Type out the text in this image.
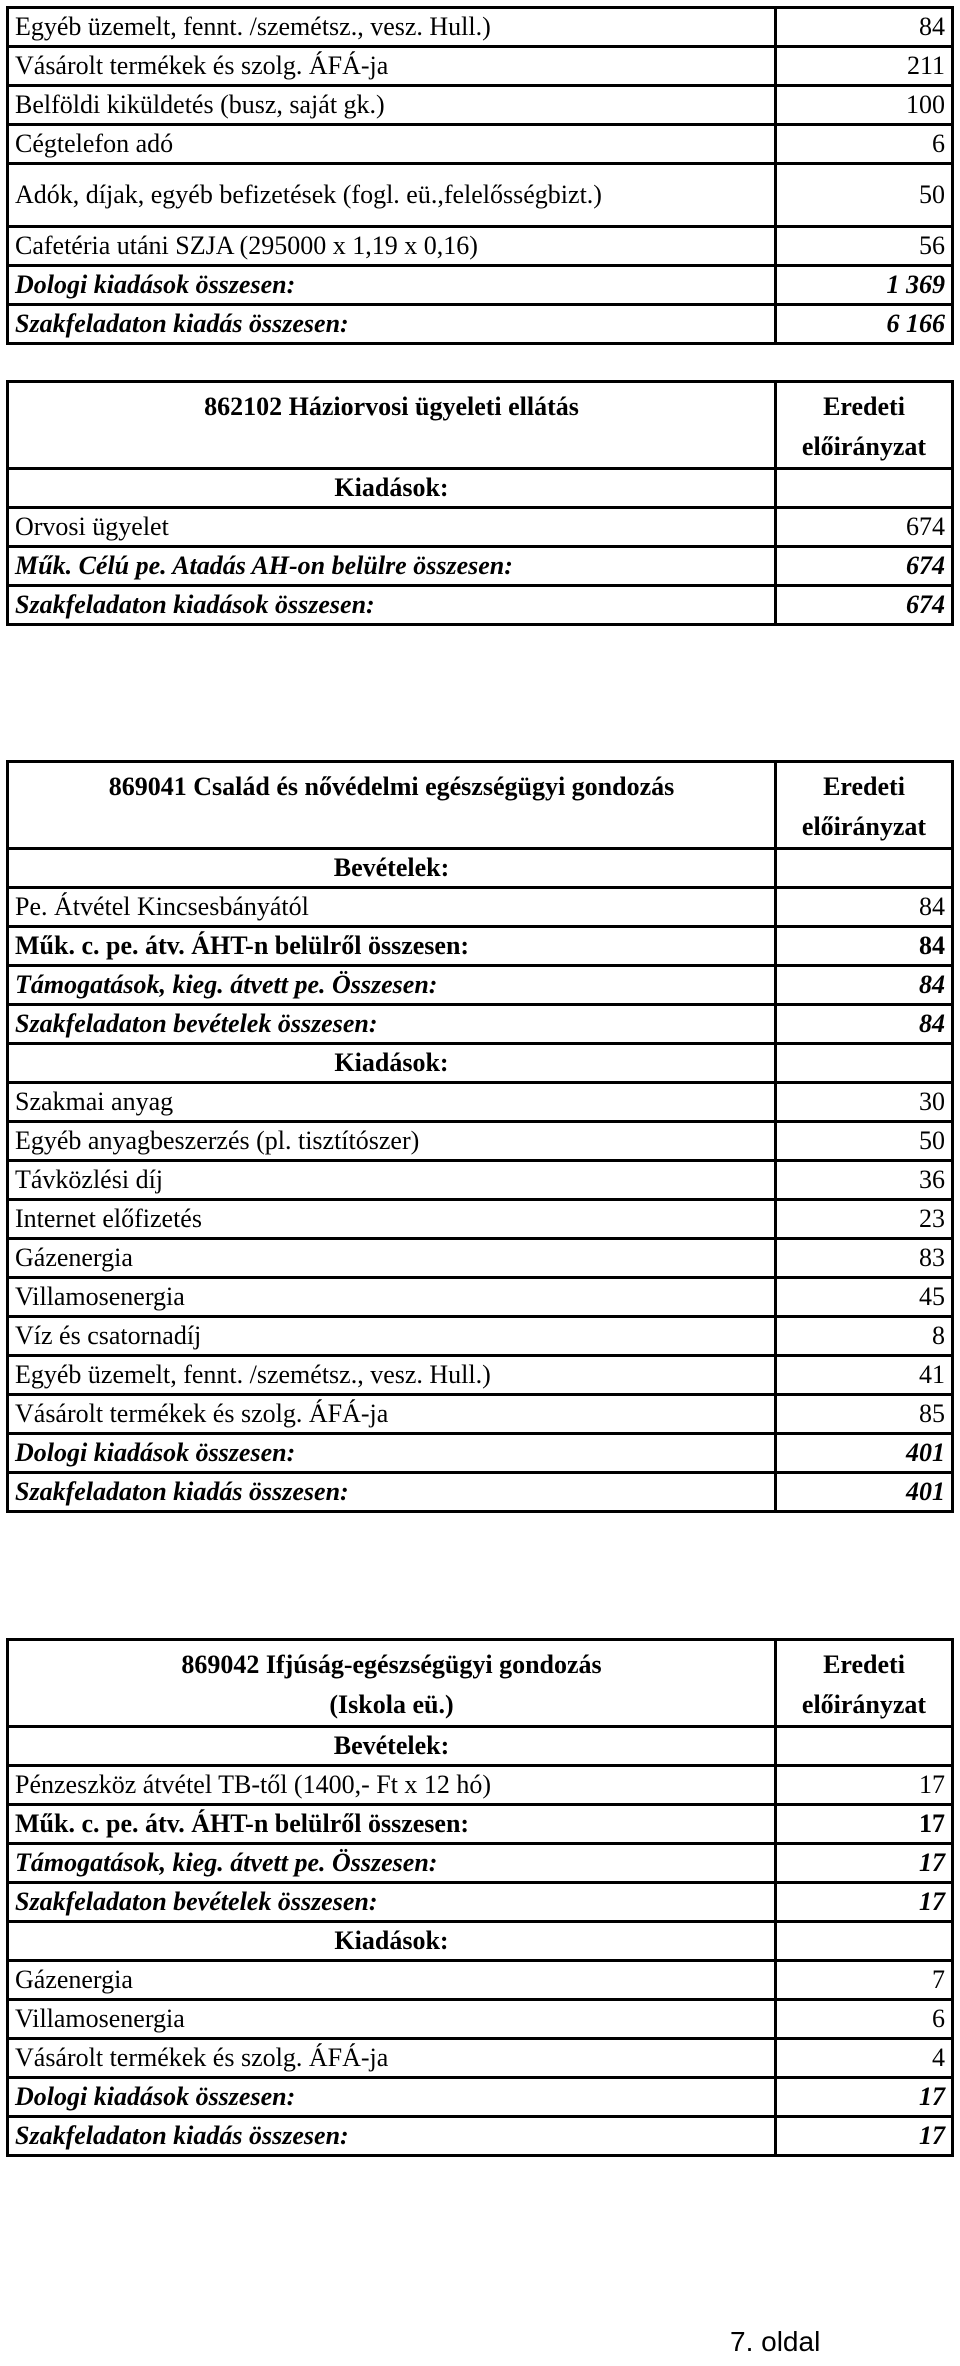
Egyéb üzemelt, fennt. /szemétsz., vesz. Hull.)	84
Vásárolt termékek és szolg. ÁFÁ-ja	211
Belföldi kiküldetés (busz, saját gk.)	100
Cégtelefon adó	6
Adók, díjak, egyéb befizetések (fogl. eü.,felelősségbizt.)	50
Cafetéria utáni SZJA (295000 x 1,19 x 0,16)	56
Dologi kiadások összesen:	1 369
Szakfeladaton kiadás összesen:	6 166
862102 Háziorvosi ügyeleti ellátás	Eredeti előirányzat
Kiadások:	
Orvosi ügyelet	674
Műk. Célú pe. Atadás AH-on belülre összesen:	674
Szakfeladaton kiadások összesen:	674
869041 Család és nővédelmi egészségügyi gondozás	Eredeti előirányzat
Bevételek:	
Pe. Átvétel Kincsesbányától	84
Műk. c. pe. átv. ÁHT-n belülről összesen:	84
Támogatások, kieg. átvett pe. Összesen:	84
Szakfeladaton bevételek összesen:	84
Kiadások:	
Szakmai anyag	30
Egyéb anyagbeszerzés (pl. tisztítószer)	50
Távközlési díj	36
Internet előfizetés	23
Gázenergia	83
Villamosenergia	45
Víz és csatornadíj	8
Egyéb üzemelt, fennt. /szemétsz., vesz. Hull.)	41
Vásárolt termékek és szolg. ÁFÁ-ja	85
Dologi kiadások összesen:	401
Szakfeladaton kiadás összesen:	401
869042 Ifjúság-egészségügyi gondozás
(Iskola eü.)	Eredeti előirányzat
Bevételek:	
Pénzeszköz átvétel TB-től (1400,- Ft x 12 hó)	17
Műk. c. pe. átv. ÁHT-n belülről összesen:	17
Támogatások, kieg. átvett pe. Összesen:	17
Szakfeladaton bevételek összesen:	17
Kiadások:	
Gázenergia	7
Villamosenergia	6
Vásárolt termékek és szolg. ÁFÁ-ja	4
Dologi kiadások összesen:	17
Szakfeladaton kiadás összesen:	17
7. oldal
